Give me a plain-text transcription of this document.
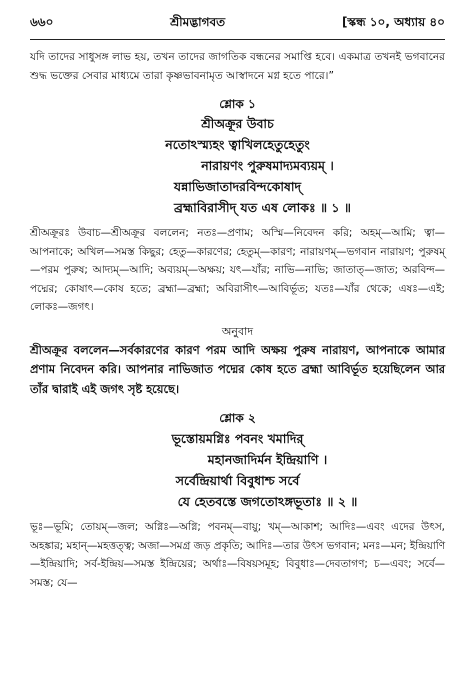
৬৬০	শ্রীমদ্ভাগবত	[স্কন্ধ ১০, অধ্যায় ৪০

যদি তাদের সাধুসঙ্গ লাভ হয়, তখন তাদের জাগতিক বন্ধনের সমাপ্তি হবে। একমাত্র তখনই ভগবানের শুদ্ধ ভক্তের সেবার মাধ্যমে তারা কৃষ্ণভাবনামৃত আস্বাদনে মগ্ন হতে পারে।”

শ্লোক ১
শ্রীঅক্রূর উবাচ
নতোঽস্ম্যহং ত্বাখিলহেতুহেতুং
নারায়ণং পুরুষমাদ্যমব্যয়ম্ ।
যন্নাভিজাতাদরবিন্দকোষাদ্
ব্রহ্মাবিরাসীদ্ যত এষ লোকঃ ॥ ১ ॥

শ্রীঅক্রূরঃ উবাচ—শ্রীঅক্রূর বললেন; নতঃ—প্রণাম; অস্মি—নিবেদন করি; অহম্—আমি; ত্বা—আপনাকে; অখিল—সমস্ত কিছুর; হেতু—কারণের; হেতুম্—কারণ; নারায়ণম্—ভগবান নারায়ণ; পুরুষম্—পরম পুরুষ; আদ্যম্—আদি; অব্যয়ম্—অক্ষয়; যৎ—যাঁর; নাভি—নাভি; জাতাত্—জাত; অরবিন্দ—পদ্মের; কোষাৎ—কোষ হতে; ব্রহ্মা—ব্রহ্মা; অবিরাসীৎ—আবির্ভূত; যতঃ—যাঁর থেকে; এষঃ—এই; লোকঃ—জগৎ।

অনুবাদ

শ্রীঅক্রূর বললেন—সর্বকারণের কারণ পরম আদি অক্ষয় পুরুষ নারায়ণ, আপনাকে আমার প্রণাম নিবেদন করি। আপনার নাভিজাত পদ্মের কোষ হতে ব্রহ্মা আবির্ভূত হয়েছিলেন আর তাঁর দ্বারাই এই জগৎ সৃষ্ট হয়েছে।

শ্লোক ২
ভূস্তোয়মগ্নিঃ পবনং খমাদির্
মহানজাদির্মন ইন্দ্রিয়াণি ।
সর্বেন্দ্রিয়ার্থা বিবুধাশ্চ সর্বে
যে হেতবস্তে জগতোঽঙ্গভূতাঃ ॥ ২ ॥

ভূঃ—ভূমি; তোয়ম্—জল; অগ্নিঃ—অগ্নি; পবনম্—বায়ু; খম্—আকাশ; আদিঃ—এবং এদের উৎস, অহঙ্কার; মহান্—মহত্তত্ত্ব; অজা—সমগ্র জড় প্রকৃতি; আদিঃ—তার উৎস ভগবান; মনঃ—মন; ইন্দ্রিয়াণি—ইন্দ্রিয়াদি; সর্ব-ইন্দ্রিয়—সমস্ত ইন্দ্রিয়ের; অর্থাঃ—বিষয়সমূহ; বিবুধাঃ—দেবতাগণ; চ—এবং; সর্বে—সমস্ত; যে—
